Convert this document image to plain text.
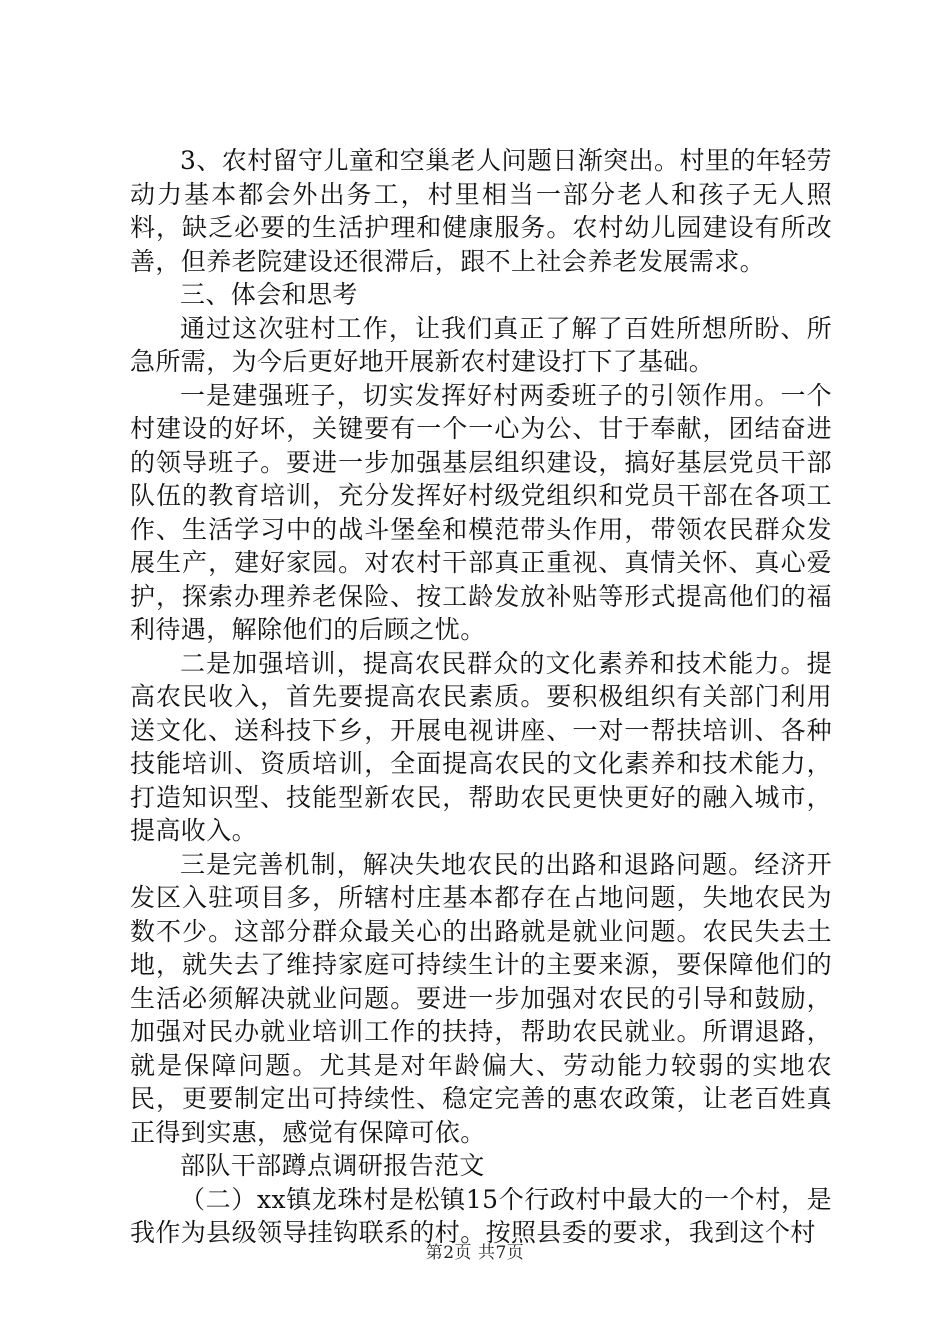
3、农村留守儿童和空巢老人问题日渐突出。村里的年轻劳动力基本都会外出务工，村里相当一部分老人和孩子无人照料，缺乏必要的生活护理和健康服务。农村幼儿园建设有所改善，但养老院建设还很滞后，跟不上社会养老发展需求。

三、体会和思考

通过这次驻村工作，让我们真正了解了百姓所想所盼、所急所需，为今后更好地开展新农村建设打下了基础。

一是建强班子，切实发挥好村两委班子的引领作用。一个村建设的好坏，关键要有一个一心为公、甘于奉献，团结奋进的领导班子。要进一步加强基层组织建设，搞好基层党员干部队伍的教育培训，充分发挥好村级党组织和党员干部在各项工作、生活学习中的战斗堡垒和模范带头作用，带领农民群众发展生产，建好家园。对农村干部真正重视、真情关怀、真心爱护，探索办理养老保险、按工龄发放补贴等形式提高他们的福利待遇，解除他们的后顾之忧。

二是加强培训，提高农民群众的文化素养和技术能力。提高农民收入，首先要提高农民素质。要积极组织有关部门利用送文化、送科技下乡，开展电视讲座、一对一帮扶培训、各种技能培训、资质培训，全面提高农民的文化素养和技术能力，打造知识型、技能型新农民，帮助农民更快更好的融入城市，提高收入。

三是完善机制，解决失地农民的出路和退路问题。经济开发区入驻项目多，所辖村庄基本都存在占地问题，失地农民为数不少。这部分群众最关心的出路就是就业问题。农民失去土地，就失去了维持家庭可持续生计的主要来源，要保障他们的生活必须解决就业问题。要进一步加强对农民的引导和鼓励，加强对民办就业培训工作的扶持，帮助农民就业。所谓退路，就是保障问题。尤其是对年龄偏大、劳动能力较弱的实地农民，更要制定出可持续性、稳定完善的惠农政策，让老百姓真正得到实惠，感觉有保障可依。

部队干部蹲点调研报告范文

（二）xx镇龙珠村是松镇15个行政村中最大的一个村，是我作为县级领导挂钩联系的村。按照县委的要求，我到这个村

第2页 共7页
